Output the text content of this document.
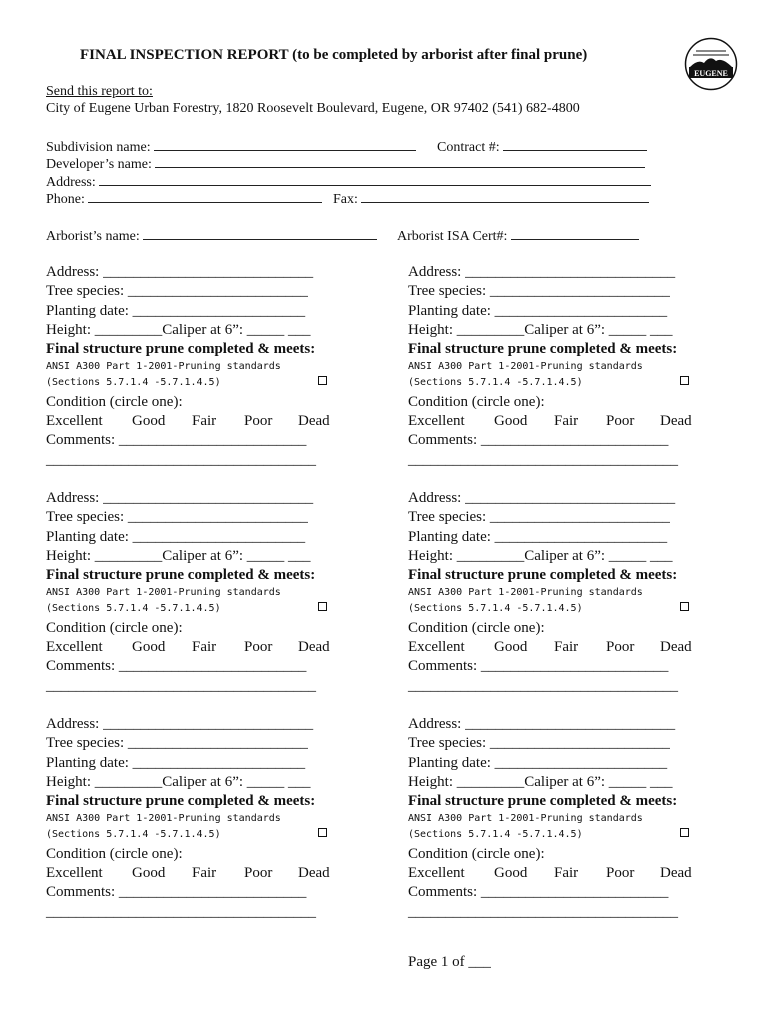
FINAL INSPECTION REPORT (to be completed by arborist after final prune)
EUGENE
Send this report to:
City of Eugene Urban Forestry, 1820 Roosevelt Boulevard, Eugene, OR 97402 (541) 682-4800
Subdivision name:	Contract #:
Developer’s name:
Address:
Phone:	Fax:
Arborist’s name:	Arborist ISA Cert#:
Address: ____________________________
Tree species: ________________________
Planting date: _______________________
Height: _________Caliper at 6”: _____ ___
Final structure prune completed & meets:
ANSI A300 Part 1-2001-Pruning standards
(Sections 5.7.1.4 -5.7.1.4.5)
Condition (circle one):
Excellent Good Fair Poor Dead
Comments: _________________________
____________________________________
Address: ____________________________
Tree species: ________________________
Planting date: _______________________
Height: _________Caliper at 6”: _____ ___
Final structure prune completed & meets:
ANSI A300 Part 1-2001-Pruning standards
(Sections 5.7.1.4 -5.7.1.4.5)
Condition (circle one):
Excellent Good Fair Poor Dead
Comments: _________________________
____________________________________
Address: ____________________________
Tree species: ________________________
Planting date: _______________________
Height: _________Caliper at 6”: _____ ___
Final structure prune completed & meets:
ANSI A300 Part 1-2001-Pruning standards
(Sections 5.7.1.4 -5.7.1.4.5)
Condition (circle one):
Excellent Good Fair Poor Dead
Comments: _________________________
____________________________________
Address: ____________________________
Tree species: ________________________
Planting date: _______________________
Height: _________Caliper at 6”: _____ ___
Final structure prune completed & meets:
ANSI A300 Part 1-2001-Pruning standards
(Sections 5.7.1.4 -5.7.1.4.5)
Condition (circle one):
Excellent Good Fair Poor Dead
Comments: _________________________
____________________________________
Address: ____________________________
Tree species: ________________________
Planting date: _______________________
Height: _________Caliper at 6”: _____ ___
Final structure prune completed & meets:
ANSI A300 Part 1-2001-Pruning standards
(Sections 5.7.1.4 -5.7.1.4.5)
Condition (circle one):
Excellent Good Fair Poor Dead
Comments: _________________________
____________________________________
Address: ____________________________
Tree species: ________________________
Planting date: _______________________
Height: _________Caliper at 6”: _____ ___
Final structure prune completed & meets:
ANSI A300 Part 1-2001-Pruning standards
(Sections 5.7.1.4 -5.7.1.4.5)
Condition (circle one):
Excellent Good Fair Poor Dead
Comments: _________________________
____________________________________
Page 1 of ___
